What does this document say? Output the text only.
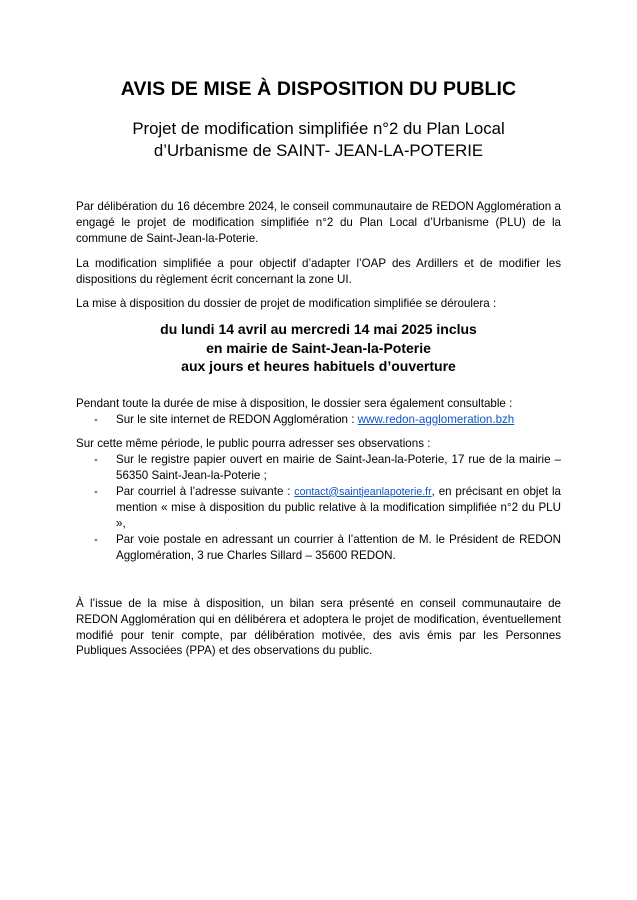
AVIS DE MISE À DISPOSITION DU PUBLIC
Projet de modification simplifiée n°2 du Plan Local
d’Urbanisme de SAINT- JEAN-LA-POTERIE
Par délibération du 16 décembre 2024, le conseil communautaire de REDON Agglomération a engagé le projet de modification simplifiée n°2 du Plan Local d’Urbanisme (PLU) de la commune de Saint-Jean-la-Poterie.
La modification simplifiée a pour objectif d’adapter l’OAP des Ardillers et de modifier les dispositions du règlement écrit concernant la zone UI.
La mise à disposition du dossier de projet de modification simplifiée se déroulera :
du lundi 14 avril au mercredi 14 mai 2025 inclus
en mairie de Saint-Jean-la-Poterie
aux jours et heures habituels d’ouverture
Pendant toute la durée de mise à disposition, le dossier sera également consultable :
- Sur le site internet de REDON Agglomération : www.redon-agglomeration.bzh
Sur cette même période, le public pourra adresser ses observations :
- Sur le registre papier ouvert en mairie de Saint-Jean-la-Poterie, 17 rue de la mairie – 56350 Saint-Jean-la-Poterie ;
- Par courriel à l’adresse suivante : contact@saintjeanlapoterie.fr, en précisant en objet la mention « mise à disposition du public relative à la modification simplifiée n°2 du PLU »,
- Par voie postale en adressant un courrier à l’attention de M. le Président de REDON Agglomération, 3 rue Charles Sillard – 35600 REDON.
À l’issue de la mise à disposition, un bilan sera présenté en conseil communautaire de REDON Agglomération qui en délibérera et adoptera le projet de modification, éventuellement modifié pour tenir compte, par délibération motivée, des avis émis par les Personnes Publiques Associées (PPA) et des observations du public.
